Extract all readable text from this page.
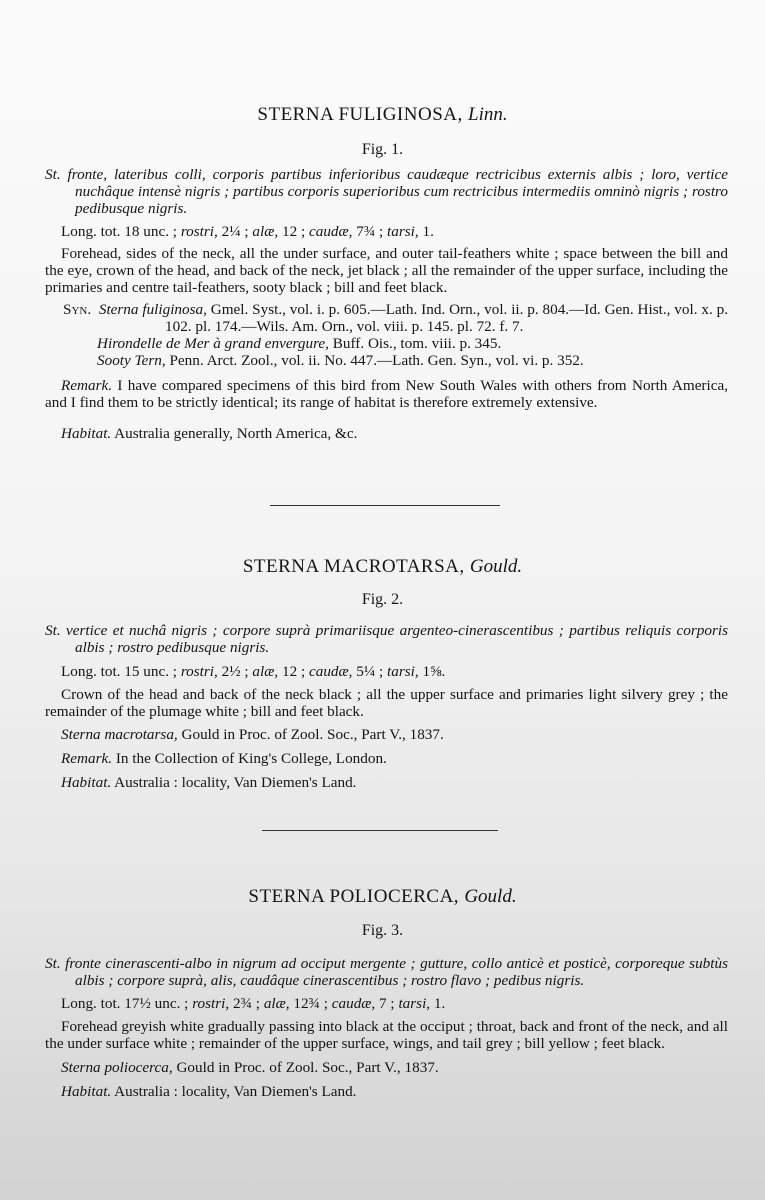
STERNA FULIGINOSA, Linn.
Fig. 1.
St. fronte, lateribus colli, corporis partibus inferioribus caudæque rectricibus externis albis ; loro, vertice nuchâque intensè nigris ; partibus corporis superioribus cum rectricibus intermediis omninò nigris ; rostro pedibusque nigris.
Long. tot. 18 unc. ; rostri, 2¼ ; alæ, 12 ; caudæ, 7¾ ; tarsi, 1.
Forehead, sides of the neck, all the under surface, and outer tail-feathers white ; space between the bill and the eye, crown of the head, and back of the neck, jet black ; all the remainder of the upper surface, including the primaries and centre tail-feathers, sooty black ; bill and feet black.
Syn. Sterna fuliginosa, Gmel. Syst., vol. i. p. 605.—Lath. Ind. Orn., vol. ii. p. 804.—Id. Gen. Hist., vol. x. p. 102. pl. 174.—Wils. Am. Orn., vol. viii. p. 145. pl. 72. f. 7.
Hirondelle de Mer à grand envergure, Buff. Ois., tom. viii. p. 345.
Sooty Tern, Penn. Arct. Zool., vol. ii. No. 447.—Lath. Gen. Syn., vol. vi. p. 352.
Remark. I have compared specimens of this bird from New South Wales with others from North America, and I find them to be strictly identical; its range of habitat is therefore extremely extensive.
Habitat. Australia generally, North America, &c.
STERNA MACROTARSA, Gould.
Fig. 2.
St. vertice et nuchâ nigris ; corpore suprà primariisque argenteo-cinerascentibus ; partibus reliquis corporis albis ; rostro pedibusque nigris.
Long. tot. 15 unc. ; rostri, 2½ ; alæ, 12 ; caudæ, 5¼ ; tarsi, 1⅝.
Crown of the head and back of the neck black ; all the upper surface and primaries light silvery grey ; the remainder of the plumage white ; bill and feet black.
Sterna macrotarsa, Gould in Proc. of Zool. Soc., Part V., 1837.
Remark. In the Collection of King's College, London.
Habitat. Australia : locality, Van Diemen's Land.
STERNA POLIOCERCA, Gould.
Fig. 3.
St. fronte cinerascenti-albo in nigrum ad occiput mergente ; gutture, collo anticè et posticè, corporeque subtùs albis ; corpore suprà, alis, caudâque cinerascentibus ; rostro flavo ; pedibus nigris.
Long. tot. 17½ unc. ; rostri, 2¾ ; alæ, 12¾ ; caudæ, 7 ; tarsi, 1.
Forehead greyish white gradually passing into black at the occiput ; throat, back and front of the neck, and all the under surface white ; remainder of the upper surface, wings, and tail grey ; bill yellow ; feet black.
Sterna poliocerca, Gould in Proc. of Zool. Soc., Part V., 1837.
Habitat. Australia : locality, Van Diemen's Land.
